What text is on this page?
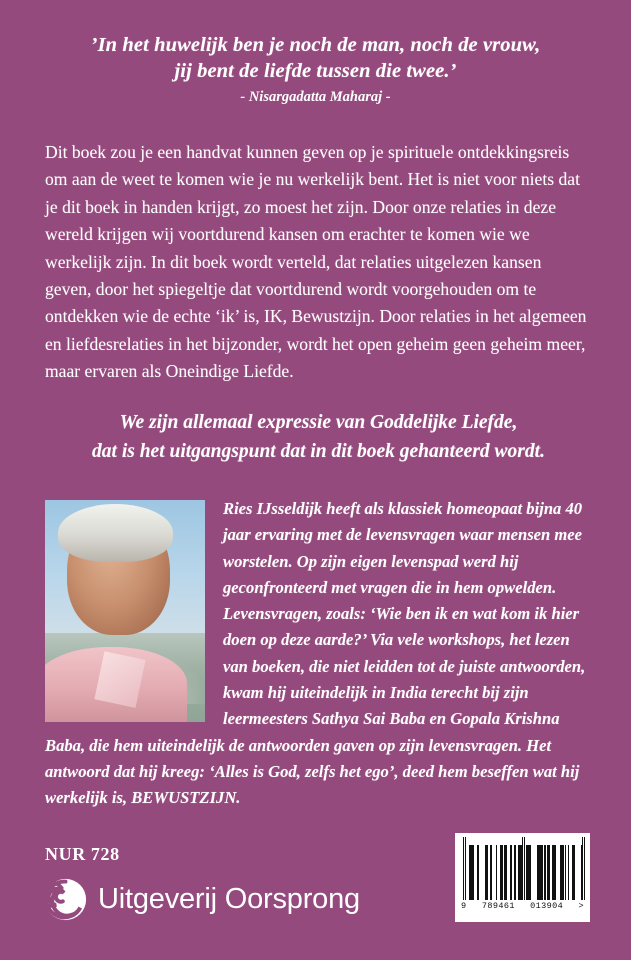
’In het huwelijk ben je noch de man, noch de vrouw,
jij bent de liefde tussen die twee.’
- Nisargadatta Maharaj -
Dit boek zou je een handvat kunnen geven op je spirituele ontdekkingsreis om aan de weet te komen wie je nu werkelijk bent. Het is niet voor niets dat je dit boek in handen krijgt, zo moest het zijn. Door onze relaties in deze wereld krijgen wij voortdurend kansen om erachter te komen wie we werkelijk zijn. In dit boek wordt verteld, dat relaties uitgelezen kansen geven, door het spiegeltje dat voortdurend wordt voorgehouden om te ontdekken wie de echte ‘ik’ is, IK, Bewustzijn. Door relaties in het algemeen en liefdesrelaties in het bijzonder, wordt het open geheim geen geheim meer, maar ervaren als Oneindige Liefde.
We zijn allemaal expressie van Goddelijke Liefde,
dat is het uitgangspunt dat in dit boek gehanteerd wordt.
Ries IJsseldijk heeft als klassiek homeopaat bijna 40 jaar ervaring met de levensvragen waar mensen mee worstelen. Op zijn eigen levenspad werd hij geconfronteerd met vragen die in hem opwelden. Levensvragen, zoals: ‘Wie ben ik en wat kom ik hier doen op deze aarde?’ Via vele workshops, het lezen van boeken, die niet leidden tot de juiste antwoorden, kwam hij uiteindelijk in India terecht bij zijn leermeesters Sathya Sai Baba en Gopala Krishna Baba, die hem uiteindelijk de antwoorden gaven op zijn levensvragen. Het antwoord dat hij kreeg: ‘Alles is God, zelfs het ego’, deed hem beseffen wat hij werkelijk is, BEWUSTZIJN.
NUR 728
Uitgeverij Oorsprong	9 789461 013904 >
